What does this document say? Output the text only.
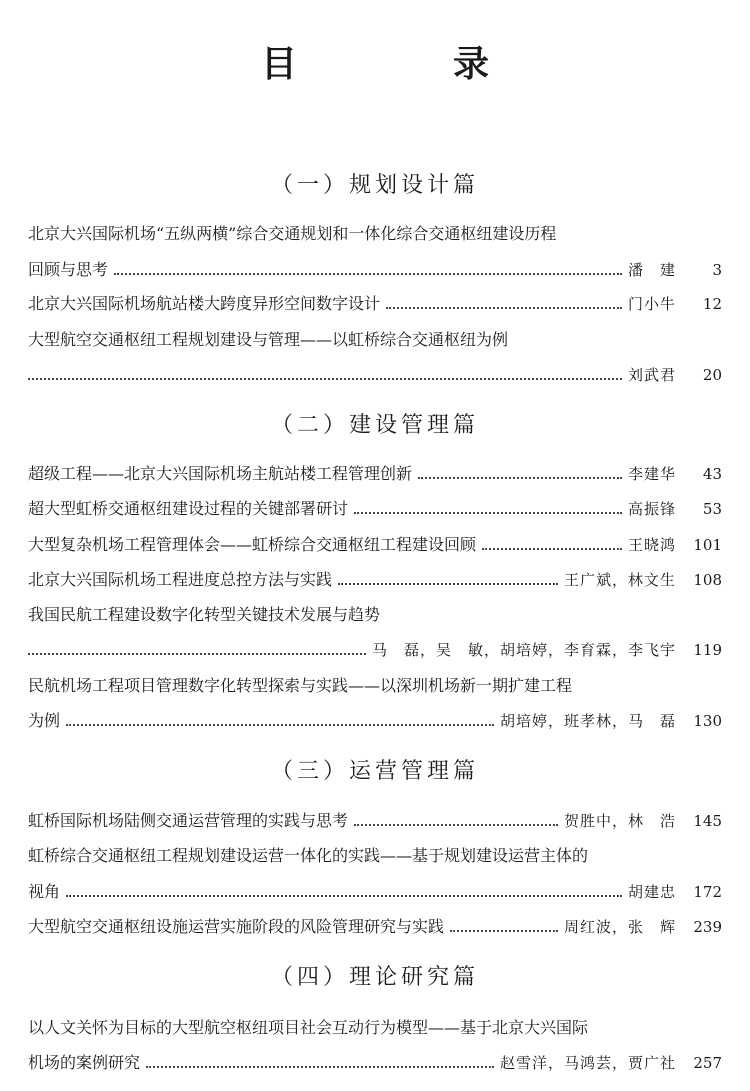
目　录
（一）规划设计篇
北京大兴国际机场“五纵两横”综合交通规划和一体化综合交通枢纽建设历程
回顾与思考	潘　建	3
北京大兴国际机场航站楼大跨度异形空间数字设计	门小牛	12
大型航空交通枢纽工程规划建设与管理——以虹桥综合交通枢纽为例
刘武君	20
（二）建设管理篇
超级工程——北京大兴国际机场主航站楼工程管理创新	李建华	43
超大型虹桥交通枢纽建设过程的关键部署研讨	高振锋	53
大型复杂机场工程管理体会——虹桥综合交通枢纽工程建设回顾	王晓鸿	101
北京大兴国际机场工程进度总控方法与实践	王广斌，林文生	108
我国民航工程建设数字化转型关键技术发展与趋势
马　磊，吴　敏，胡培婷，李育霖，李飞宇	119
民航机场工程项目管理数字化转型探索与实践——以深圳机场新一期扩建工程
为例	胡培婷，班孝林，马　磊	130
（三）运营管理篇
虹桥国际机场陆侧交通运营管理的实践与思考	贺胜中，林　浩	145
虹桥综合交通枢纽工程规划建设运营一体化的实践——基于规划建设运营主体的
视角	胡建忠	172
大型航空交通枢纽设施运营实施阶段的风险管理研究与实践	周红波，张　辉	239
（四）理论研究篇
以人文关怀为目标的大型航空枢纽项目社会互动行为模型——基于北京大兴国际
机场的案例研究	赵雪洋，马鸿芸，贾广社	257
